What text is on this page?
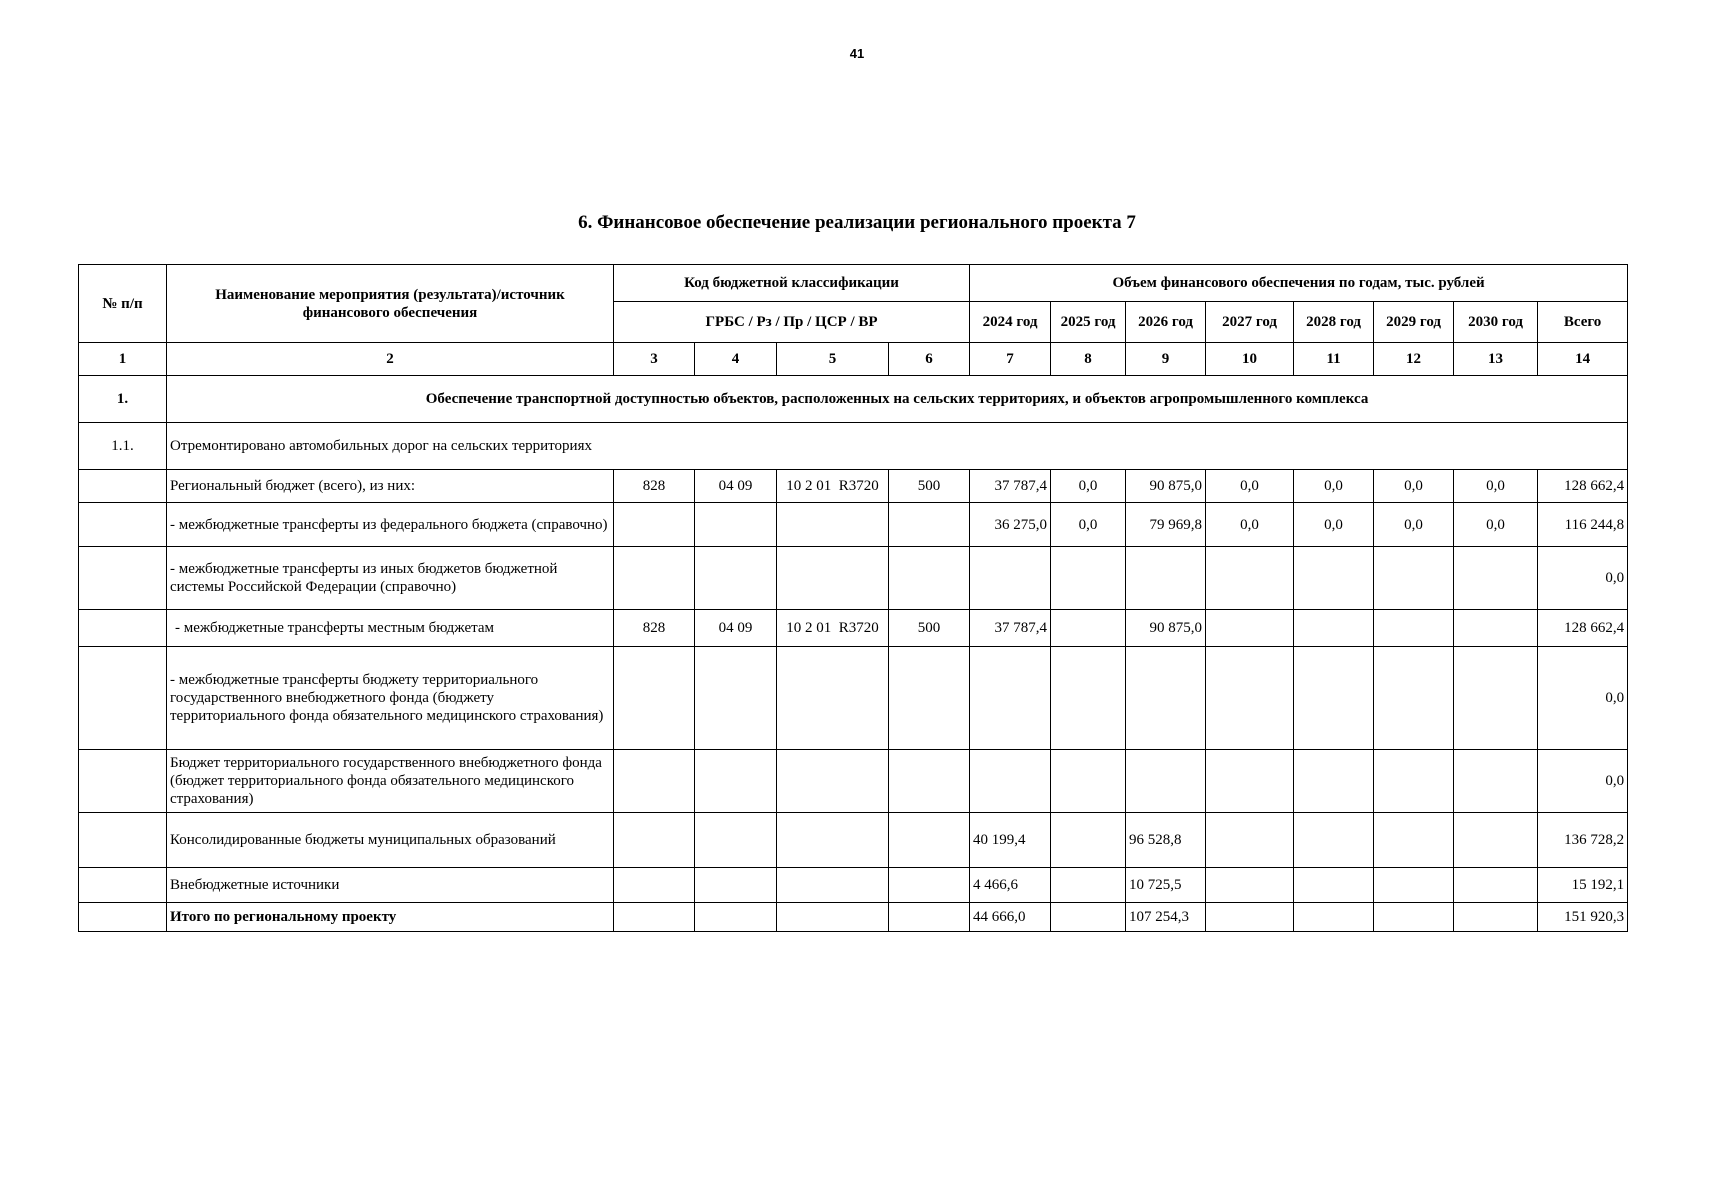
41
6. Финансовое обеспечение реализации регионального проекта 7
№ п/п	Наименование мероприятия (результата)/источник финансового обеспечения	Код бюджетной классификации				Объем финансового обеспечения по годам, тыс. рублей							
		ГРБС / Рз / Пр / ЦСР / ВР				2024 год	2025 год	2026 год	2027 год	2028 год	2029 год	2030 год	Всего
1	2	3	4	5	6	7	8	9	10	11	12	13	14
1.	Обеспечение транспортной доступностью объектов, расположенных на сельских территориях, и объектов агропромышленного комплекса												
1.1.	Отремонтировано автомобильных дорог на сельских территориях												
	Региональный бюджет (всего), из них:	828	04 09	10 2 01  R3720	500	37 787,4	0,0	90 875,0	0,0	0,0	0,0	0,0	128 662,4
	- межбюджетные трансферты из федерального бюджета (справочно)					36 275,0	0,0	79 969,8	0,0	0,0	0,0	0,0	116 244,8
	- межбюджетные трансферты из иных бюджетов бюджетной системы Российской Федерации (справочно)												0,0
	- межбюджетные трансферты местным бюджетам	828	04 09	10 2 01  R3720	500	37 787,4		90 875,0					128 662,4
	- межбюджетные трансферты бюджету территориального государственного внебюджетного фонда (бюджету территориального фонда обязательного медицинского страхования)												0,0
	Бюджет территориального государственного внебюджетного фонда (бюджет территориального фонда обязательного медицинского страхования)												0,0
	Консолидированные бюджеты муниципальных образований					40 199,4		96 528,8					136 728,2
	Внебюджетные источники					4 466,6		10 725,5					15 192,1
	Итого по региональному проекту					44 666,0		107 254,3					151 920,3
